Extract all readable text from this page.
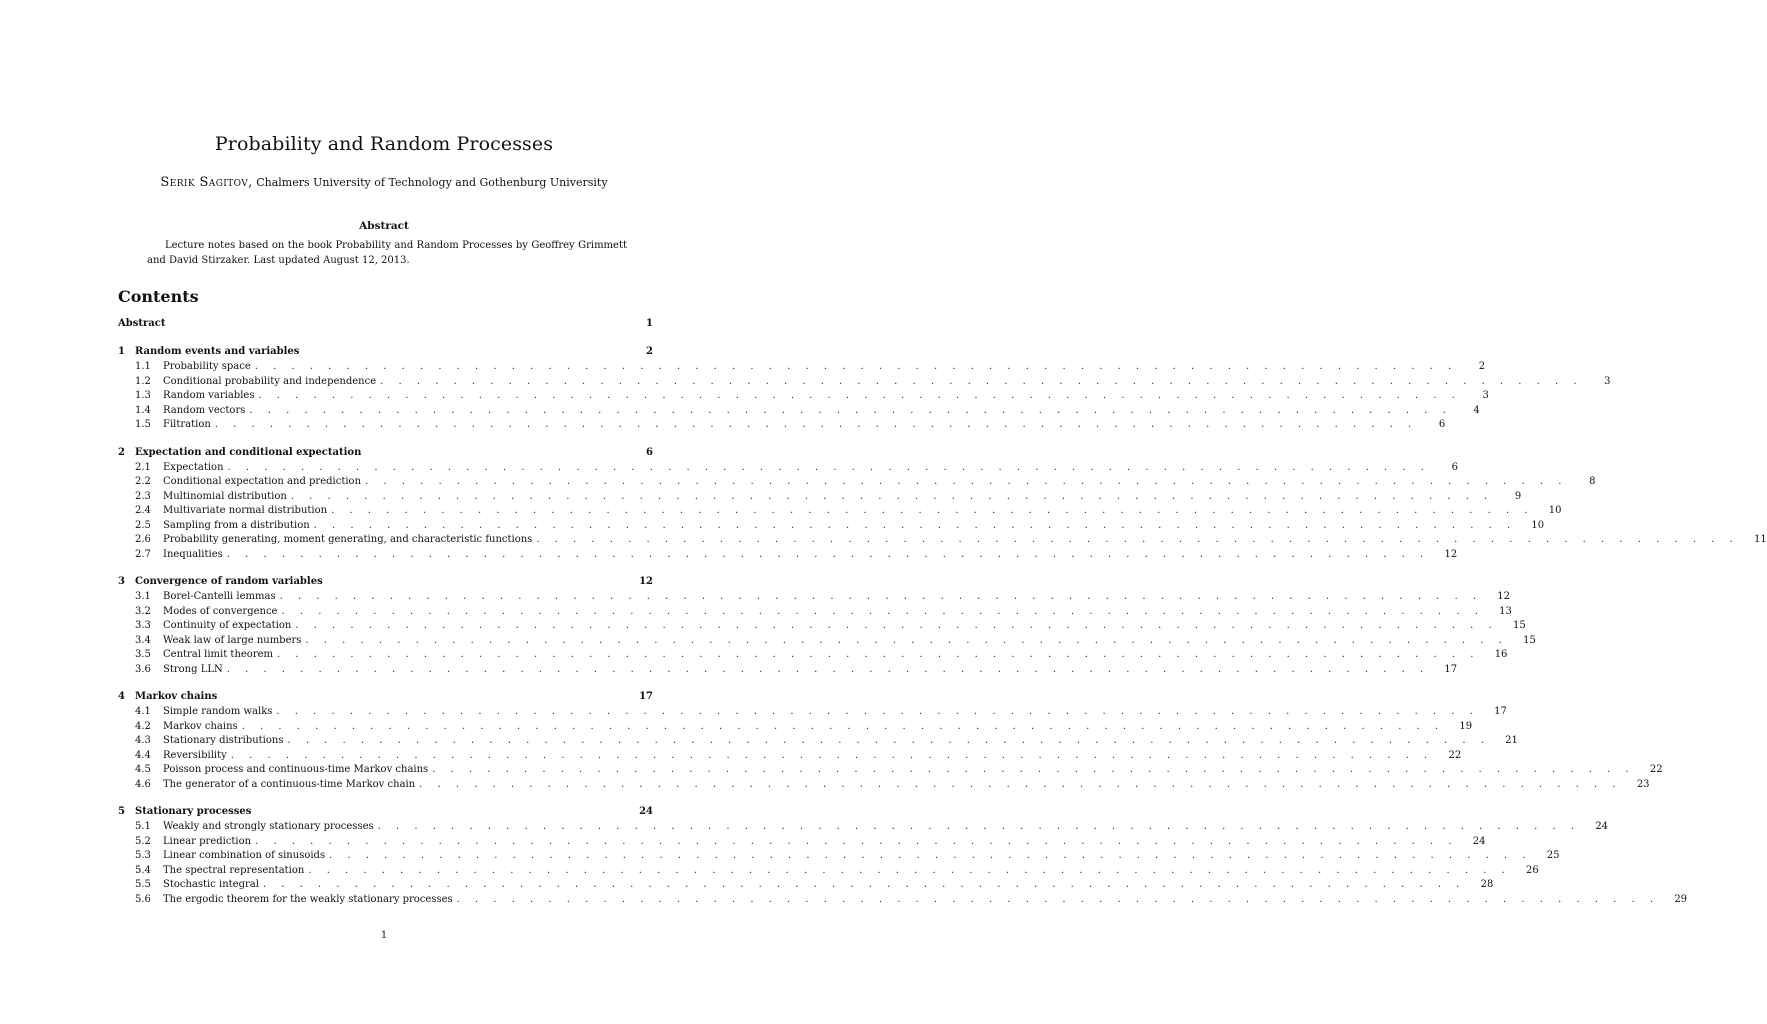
Probability and Random Processes
Serik Sagitov, Chalmers University of Technology and Gothenburg University
Abstract
Lecture notes based on the book Probability and Random Processes by Geoffrey Grimmett and David Stirzaker. Last updated August 12, 2013.
Contents
Abstract	1
1	Random events and variables	2
1.1	Probability space . . . . . . . . . . . . . . . . . . . . . . . . . . . . . . . . . . . . . . . . . . . . . . . . . . . . . . . . . . . . . . . . . .	2
1.2	Conditional probability and independence . . . . . . . . . . . . . . . . . . . . . . . . . . . . . . . . . . . . . . . . . . . . . . . . . . . . . . . . . . . . . . . . . .	3
1.3	Random variables . . . . . . . . . . . . . . . . . . . . . . . . . . . . . . . . . . . . . . . . . . . . . . . . . . . . . . . . . . . . . . . . . .	3
1.4	Random vectors . . . . . . . . . . . . . . . . . . . . . . . . . . . . . . . . . . . . . . . . . . . . . . . . . . . . . . . . . . . . . . . . . .	4
1.5	Filtration . . . . . . . . . . . . . . . . . . . . . . . . . . . . . . . . . . . . . . . . . . . . . . . . . . . . . . . . . . . . . . . . . .	6
2	Expectation and conditional expectation	6
2.1	Expectation . . . . . . . . . . . . . . . . . . . . . . . . . . . . . . . . . . . . . . . . . . . . . . . . . . . . . . . . . . . . . . . . . .	6
2.2	Conditional expectation and prediction . . . . . . . . . . . . . . . . . . . . . . . . . . . . . . . . . . . . . . . . . . . . . . . . . . . . . . . . . . . . . . . . . .	8
2.3	Multinomial distribution . . . . . . . . . . . . . . . . . . . . . . . . . . . . . . . . . . . . . . . . . . . . . . . . . . . . . . . . . . . . . . . . . .	9
2.4	Multivariate normal distribution . . . . . . . . . . . . . . . . . . . . . . . . . . . . . . . . . . . . . . . . . . . . . . . . . . . . . . . . . . . . . . . . . .	10
2.5	Sampling from a distribution . . . . . . . . . . . . . . . . . . . . . . . . . . . . . . . . . . . . . . . . . . . . . . . . . . . . . . . . . . . . . . . . . .	10
2.6	Probability generating, moment generating, and characteristic functions . . . . . . . . . . . . . . . . . . . . . . . . . . . . . . . . . . . . . . . . . . . . . . . . . . . . . . . . . . . . . . . . . .	11
2.7	Inequalities . . . . . . . . . . . . . . . . . . . . . . . . . . . . . . . . . . . . . . . . . . . . . . . . . . . . . . . . . . . . . . . . . .	12
3	Convergence of random variables	12
3.1	Borel-Cantelli lemmas . . . . . . . . . . . . . . . . . . . . . . . . . . . . . . . . . . . . . . . . . . . . . . . . . . . . . . . . . . . . . . . . . .	12
3.2	Modes of convergence . . . . . . . . . . . . . . . . . . . . . . . . . . . . . . . . . . . . . . . . . . . . . . . . . . . . . . . . . . . . . . . . . .	13
3.3	Continuity of expectation . . . . . . . . . . . . . . . . . . . . . . . . . . . . . . . . . . . . . . . . . . . . . . . . . . . . . . . . . . . . . . . . . .	15
3.4	Weak law of large numbers . . . . . . . . . . . . . . . . . . . . . . . . . . . . . . . . . . . . . . . . . . . . . . . . . . . . . . . . . . . . . . . . . .	15
3.5	Central limit theorem . . . . . . . . . . . . . . . . . . . . . . . . . . . . . . . . . . . . . . . . . . . . . . . . . . . . . . . . . . . . . . . . . .	16
3.6	Strong LLN . . . . . . . . . . . . . . . . . . . . . . . . . . . . . . . . . . . . . . . . . . . . . . . . . . . . . . . . . . . . . . . . . .	17
4	Markov chains	17
4.1	Simple random walks . . . . . . . . . . . . . . . . . . . . . . . . . . . . . . . . . . . . . . . . . . . . . . . . . . . . . . . . . . . . . . . . . .	17
4.2	Markov chains . . . . . . . . . . . . . . . . . . . . . . . . . . . . . . . . . . . . . . . . . . . . . . . . . . . . . . . . . . . . . . . . . .	19
4.3	Stationary distributions . . . . . . . . . . . . . . . . . . . . . . . . . . . . . . . . . . . . . . . . . . . . . . . . . . . . . . . . . . . . . . . . . .	21
4.4	Reversibility . . . . . . . . . . . . . . . . . . . . . . . . . . . . . . . . . . . . . . . . . . . . . . . . . . . . . . . . . . . . . . . . . .	22
4.5	Poisson process and continuous-time Markov chains . . . . . . . . . . . . . . . . . . . . . . . . . . . . . . . . . . . . . . . . . . . . . . . . . . . . . . . . . . . . . . . . . .	22
4.6	The generator of a continuous-time Markov chain . . . . . . . . . . . . . . . . . . . . . . . . . . . . . . . . . . . . . . . . . . . . . . . . . . . . . . . . . . . . . . . . . .	23
5	Stationary processes	24
5.1	Weakly and strongly stationary processes . . . . . . . . . . . . . . . . . . . . . . . . . . . . . . . . . . . . . . . . . . . . . . . . . . . . . . . . . . . . . . . . . .	24
5.2	Linear prediction . . . . . . . . . . . . . . . . . . . . . . . . . . . . . . . . . . . . . . . . . . . . . . . . . . . . . . . . . . . . . . . . . .	24
5.3	Linear combination of sinusoids . . . . . . . . . . . . . . . . . . . . . . . . . . . . . . . . . . . . . . . . . . . . . . . . . . . . . . . . . . . . . . . . . .	25
5.4	The spectral representation . . . . . . . . . . . . . . . . . . . . . . . . . . . . . . . . . . . . . . . . . . . . . . . . . . . . . . . . . . . . . . . . . .	26
5.5	Stochastic integral . . . . . . . . . . . . . . . . . . . . . . . . . . . . . . . . . . . . . . . . . . . . . . . . . . . . . . . . . . . . . . . . . .	28
5.6	The ergodic theorem for the weakly stationary processes . . . . . . . . . . . . . . . . . . . . . . . . . . . . . . . . . . . . . . . . . . . . . . . . . . . . . . . . . . . . . . . . . .	29
1
